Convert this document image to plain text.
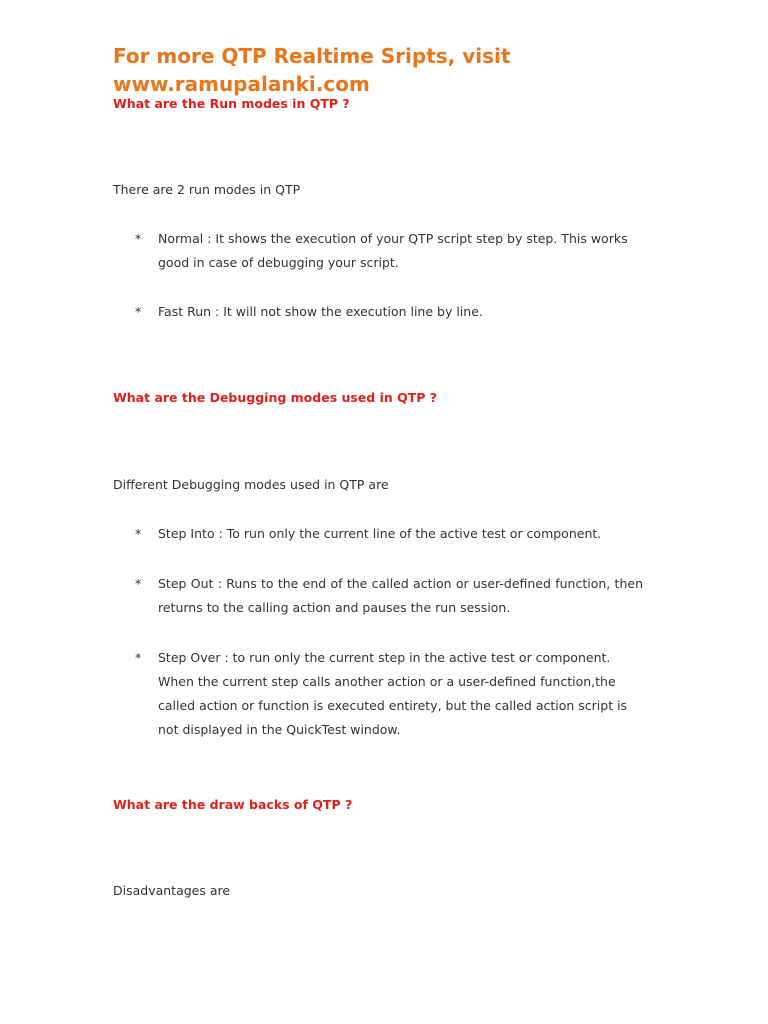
For more QTP Realtime Sripts, visit
www.ramupalanki.com
What are the Run modes in QTP ?
There are 2 run modes in QTP
* Normal : It shows the execution of your QTP script step by step. This works good in case of debugging your script.
* Fast Run : It will not show the execution line by line.
What are the Debugging modes used in QTP ?
Different Debugging modes used in QTP are
* Step Into : To run only the current line of the active test or component.
* Step Out : Runs to the end of the called action or user-defined function, then returns to the calling action and pauses the run session.
* Step Over : to run only the current step in the active test or component. When the current step calls another action or a user-defined function,the called action or function is executed entirety, but the called action script is not displayed in the QuickTest window.
What are the draw backs of QTP ?
Disadvantages are
